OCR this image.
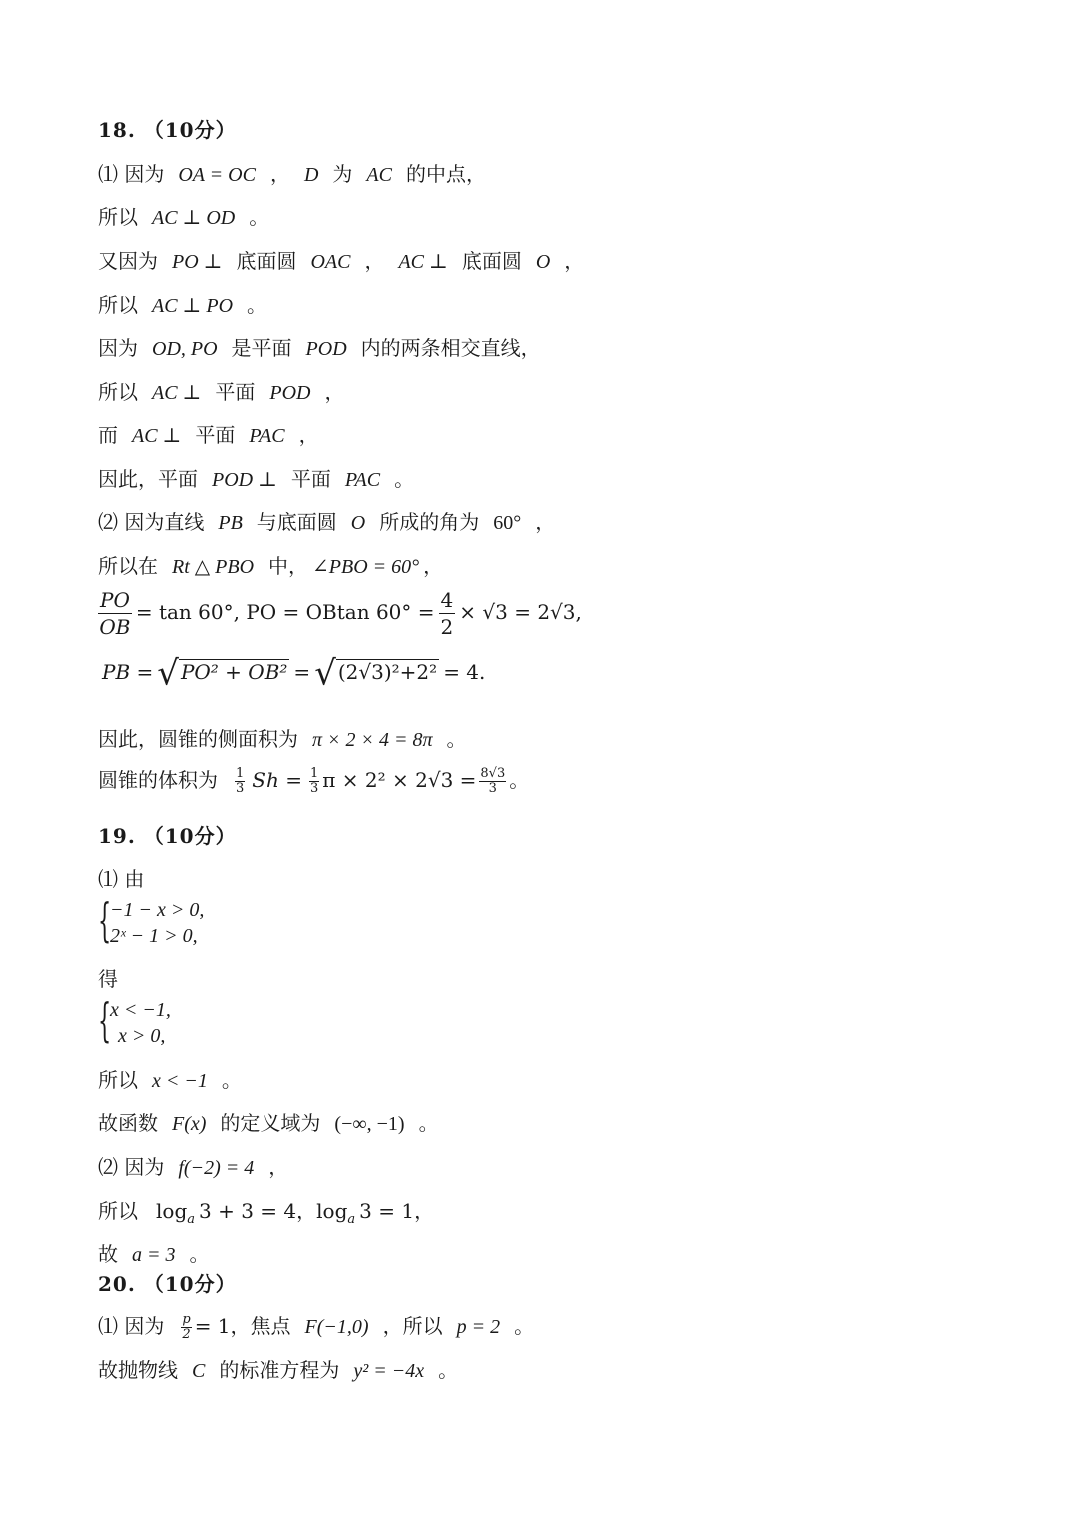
18. （10分）
⑴ 因为 OA = OC ， D 为 AC 的中点，
所以 AC ⊥ OD 。
又因为 PO ⊥ 底面圆 OAC ， AC ⊥ 底面圆 O ，
所以 AC ⊥ PO 。
因为 OD, PO 是平面 POD 内的两条相交直线，
所以 AC ⊥ 平面 POD ，
而 AC ⊥ 平面 PAC ，
因此，平面 POD ⊥ 平面 PAC 。
⑵ 因为直线 PB 与底面圆 O 所成的角为 60° ，
所以在 Rt △ PBO 中， ∠PBO = 60° ，
$\frac{PO}{OB} = \tan 60^\circ$, PO = OBtan $60^\circ = \frac{4}{2} \times √3 = 2√3$,
PB = √ PO² + OB² = √ (2√3)²+2² = 4.
因此，圆锥的侧面积为 π × 2 × 4 = 8π 。
圆锥的体积为 $\frac{1}{3}$ $Sh = \frac{1}{3}$ $\pi \times 2^2 \times 2√3 = \frac{8√3}{3}$ 。
19. （10分）
⑴ 由
{
−1 − x > 0,
2ˣ − 1 > 0,
得
{
x < −1,
x > 0,
所以 x < −1 。
故函数 F(x) 的定义域为 (−∞, −1) 。
⑵ 因为 f(−2) = 4 ，
所以 $\log_a 3 + 3 = 4$，$\log_a 3 = 1$，
故 a = 3 。
20. （10分）
⑴ 因为 $\frac{p}{2} = 1$，焦点 F(−1,0) ，所以 p = 2 。
故抛物线 C 的标准方程为 y² = −4x 。
